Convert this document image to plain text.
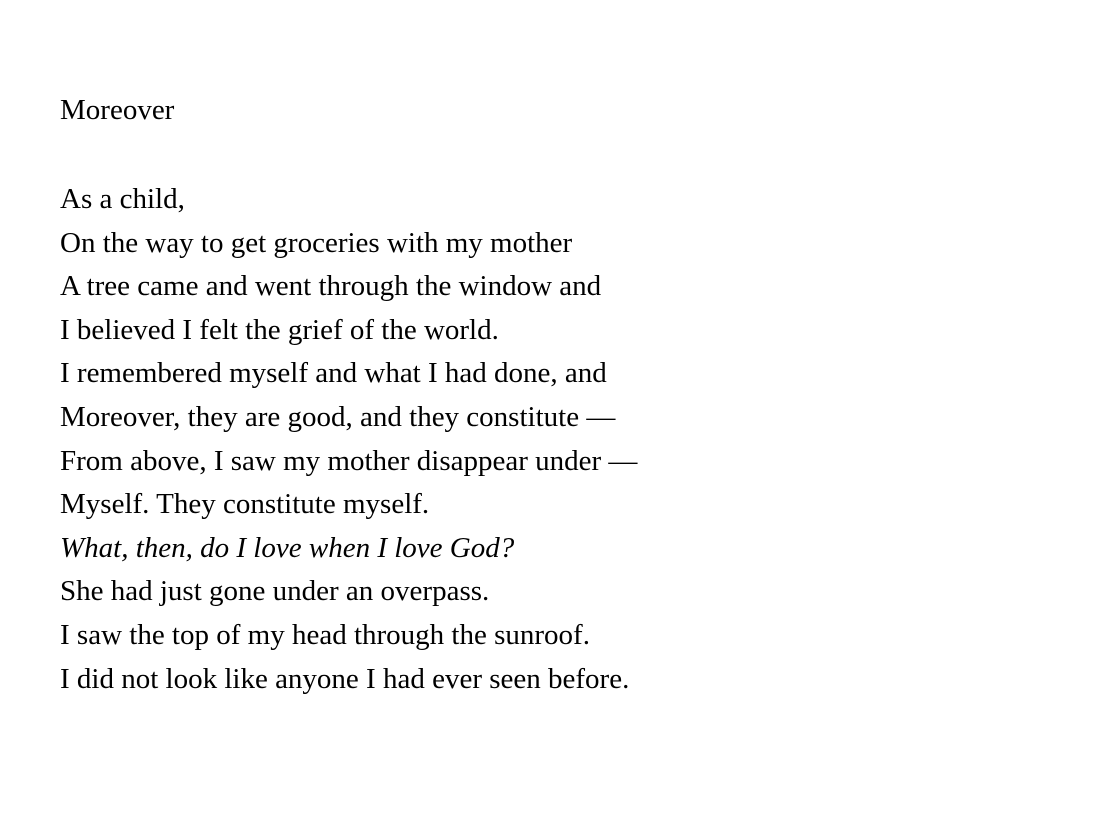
Moreover
As a child,
On the way to get groceries with my mother
A tree came and went through the window and
I believed I felt the grief of the world.
I remembered myself and what I had done, and
Moreover, they are good, and they constitute —
From above, I saw my mother disappear under —
Myself. They constitute myself.
What, then, do I love when I love God?
She had just gone under an overpass.
I saw the top of my head through the sunroof.
I did not look like anyone I had ever seen before.
